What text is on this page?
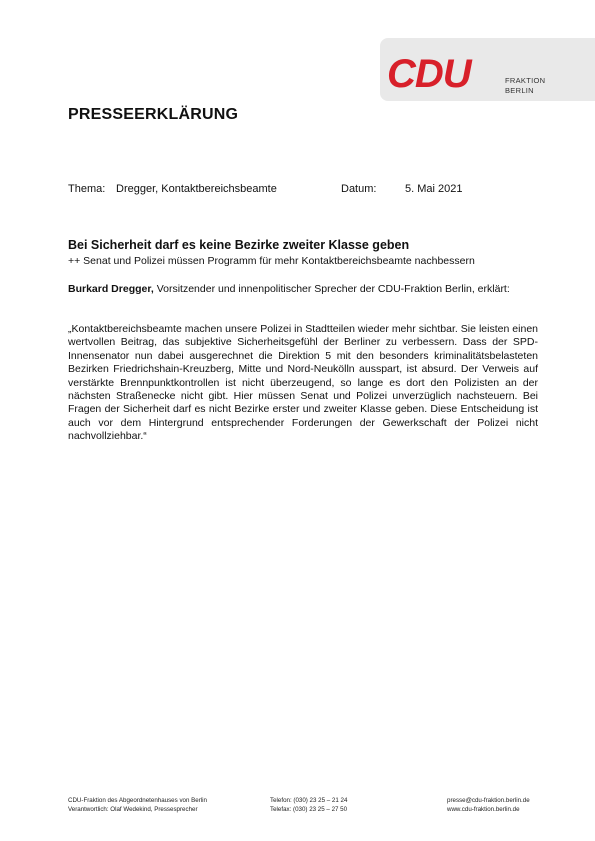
CDU	FRAKTION
BERLIN
PRESSEERKLÄRUNG
Thema: Dregger, Kontaktbereichsbeamte	Datum:	5. Mai 2021
Bei Sicherheit darf es keine Bezirke zweiter Klasse geben
++ Senat und Polizei müssen Programm für mehr Kontaktbereichsbeamte nachbessern
Burkard Dregger, Vorsitzender und innenpolitischer Sprecher der CDU-Fraktion Berlin, erklärt:
„Kontaktbereichsbeamte machen unsere Polizei in Stadtteilen wieder mehr sichtbar. Sie leisten einen wertvollen Beitrag, das subjektive Sicherheitsgefühl der Berliner zu verbessern. Dass der SPD-Innensenator nun dabei ausgerechnet die Direktion 5 mit den besonders kriminalitätsbelasteten Bezirken Friedrichshain-Kreuzberg, Mitte und Nord-Neukölln ausspart, ist absurd. Der Verweis auf verstärkte Brennpunktkontrollen ist nicht überzeugend, so lange es dort den Polizisten an der nächsten Straßenecke nicht gibt. Hier müssen Senat und Polizei unverzüglich nachsteuern. Bei Fragen der Sicherheit darf es nicht Bezirke erster und zweiter Klasse geben. Diese Entscheidung ist auch vor dem Hintergrund entsprechender Forderungen der Gewerkschaft der Polizei nicht nachvollziehbar.“
CDU-Fraktion des Abgeordnetenhauses von Berlin
Verantwortlich: Olaf Wedekind, Pressesprecher
Telefon: (030) 23 25 – 21 24
Telefax: (030) 23 25 – 27 50
presse@cdu-fraktion.berlin.de
www.cdu-fraktion.berlin.de
